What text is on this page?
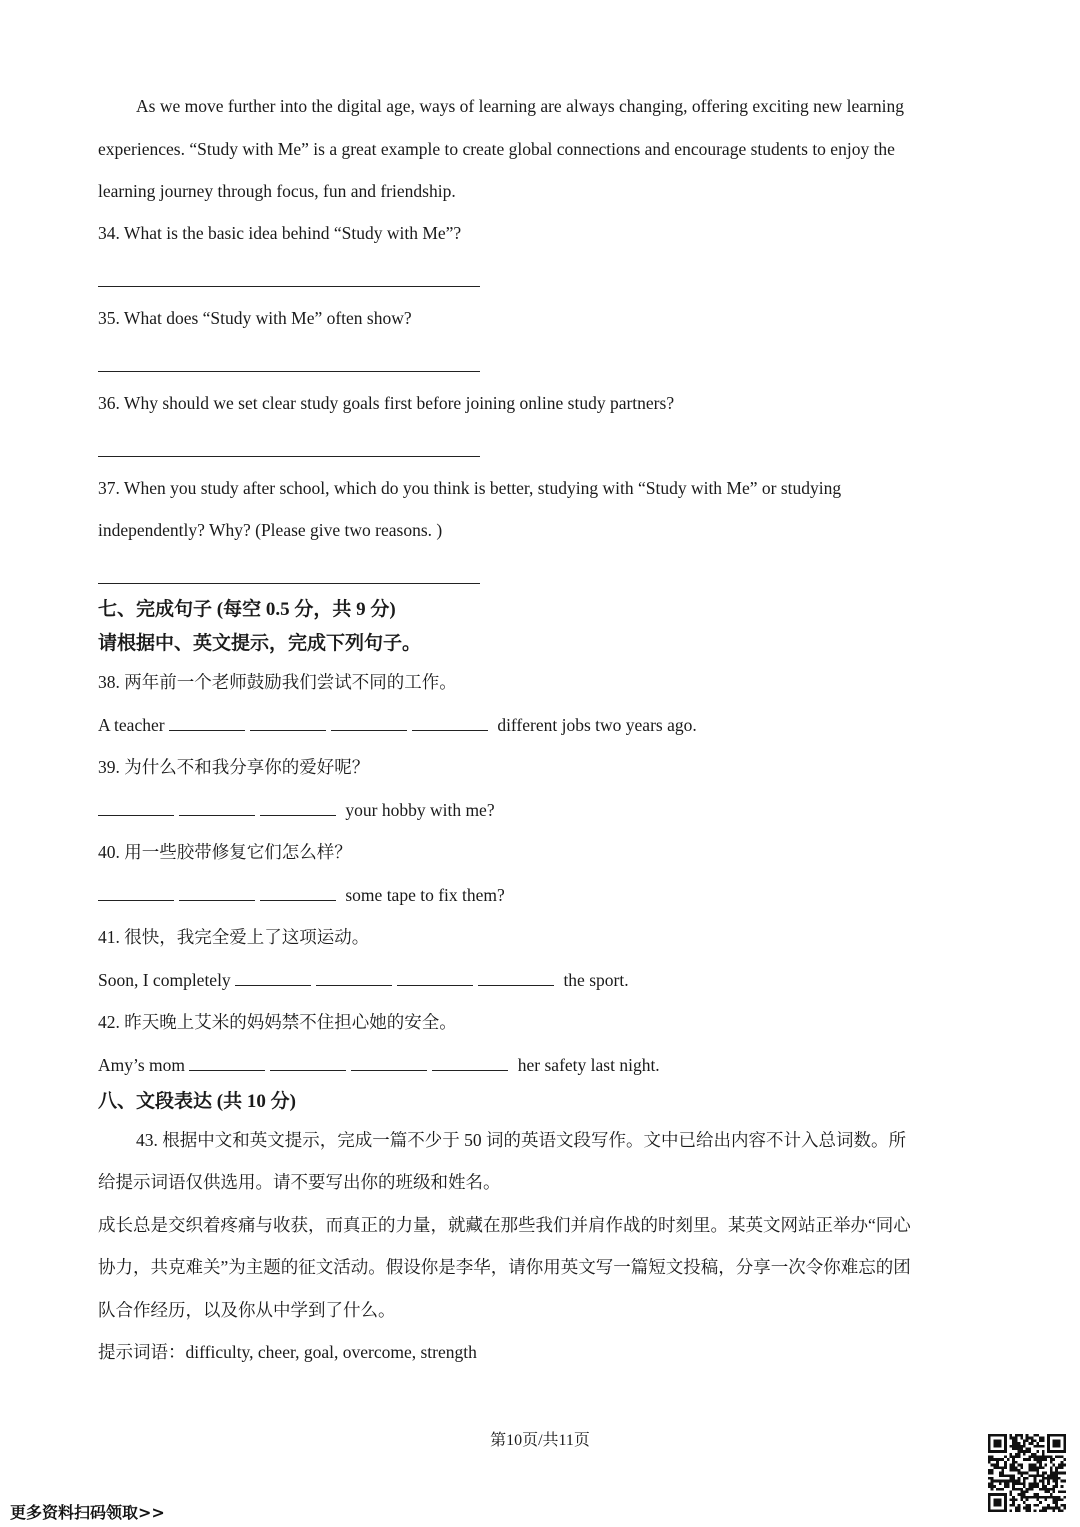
As we move further into the digital age, ways of learning are always changing, offering exciting new learning
experiences. “Study with Me” is a great example to create global connections and encourage students to enjoy the
learning journey through focus, fun and friendship.
34. What is the basic idea behind “Study with Me”?
35. What does “Study with Me” often show?
36. Why should we set clear study goals first before joining online study partners?
37. When you study after school, which do you think is better, studying with “Study with Me” or studying
independently? Why? (Please give two reasons. )
七、完成句子 (每空 0.5 分，共 9 分)
请根据中、英文提示，完成下列句子。
38. 两年前一个老师鼓励我们尝试不同的工作。
A teacher	different jobs two years ago.
39. 为什么不和我分享你的爱好呢？
your hobby with me?
40. 用一些胶带修复它们怎么样？
some tape to fix them?
41. 很快，我完全爱上了这项运动。
Soon, I completely	the sport.
42. 昨天晚上艾米的妈妈禁不住担心她的安全。
Amy’s mom	her safety last night.
八、文段表达 (共 10 分)
43. 根据中文和英文提示，完成一篇不少于 50 词的英语文段写作。文中已给出内容不计入总词数。所
给提示词语仅供选用。请不要写出你的班级和姓名。
成长总是交织着疼痛与收获，而真正的力量，就藏在那些我们并肩作战的时刻里。某英文网站正举办“同心
协力，共克难关”为主题的征文活动。假设你是李华，请你用英文写一篇短文投稿，分享一次令你难忘的团
队合作经历，以及你从中学到了什么。
提示词语：difficulty, cheer, goal, overcome, strength
第10页/共11页
更多资料扫码领取>>
